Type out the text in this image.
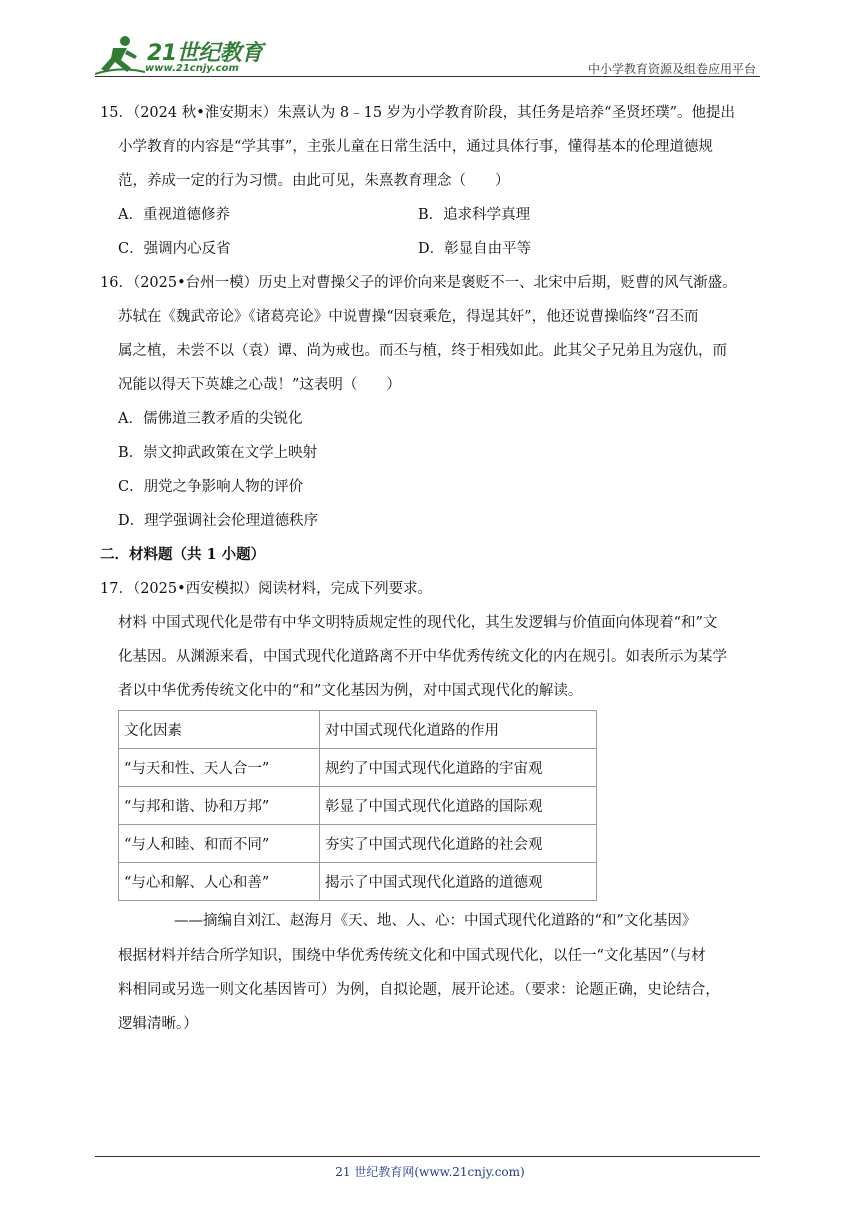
21世纪教育
www.21cnjy.com	中小学教育资源及组卷应用平台
15．（2024 秋•淮安期末）朱熹认为 8﹣15 岁为小学教育阶段，其任务是培养“圣贤坯璞”。他提出
小学教育的内容是“学其事”，主张儿童在日常生活中，通过具体行事，懂得基本的伦理道德规
范，养成一定的行为习惯。由此可见，朱熹教育理念（　　）
A．重视道德修养	B．追求科学真理
C．强调内心反省	D．彰显自由平等
16．（2025•台州一模）历史上对曹操父子的评价向来是褒贬不一、北宋中后期，贬曹的风气渐盛。
苏轼在《魏武帝论》《诸葛亮论》中说曹操“因衰乘危，得逞其奸”，他还说曹操临终“召丕而
属之植，未尝不以（袁）谭、尚为戒也。而丕与植，终于相残如此。此其父子兄弟且为寇仇，而
况能以得天下英雄之心哉！”这表明（　　）
A．儒佛道三教矛盾的尖锐化
B．崇文抑武政策在文学上映射
C．朋党之争影响人物的评价
D．理学强调社会伦理道德秩序
二．材料题（共 1 小题）
17．（2025•西安模拟）阅读材料，完成下列要求。
材料 中国式现代化是带有中华文明特质规定性的现代化，其生发逻辑与价值面向体现着“和”文
化基因。从渊源来看，中国式现代化道路离不开中华优秀传统文化的内在规引。如表所示为某学
者以中华优秀传统文化中的“和”文化基因为例，对中国式现代化的解读。
文化因素	对中国式现代化道路的作用
“与天和性、天人合一”	规约了中国式现代化道路的宇宙观
“与邦和谐、协和万邦”	彰显了中国式现代化道路的国际观
“与人和睦、和而不同”	夯实了中国式现代化道路的社会观
“与心和解、人心和善”	揭示了中国式现代化道路的道德观
——摘编自刘江、赵海月《天、地、人、心：中国式现代化道路的“和”文化基因》
根据材料并结合所学知识，围绕中华优秀传统文化和中国式现代化，以任一“文化基因”（与材
料相同或另选一则文化基因皆可）为例，自拟论题，展开论述。（要求：论题正确，史论结合，
逻辑清晰。）
21 世纪教育网(www.21cnjy.com)
